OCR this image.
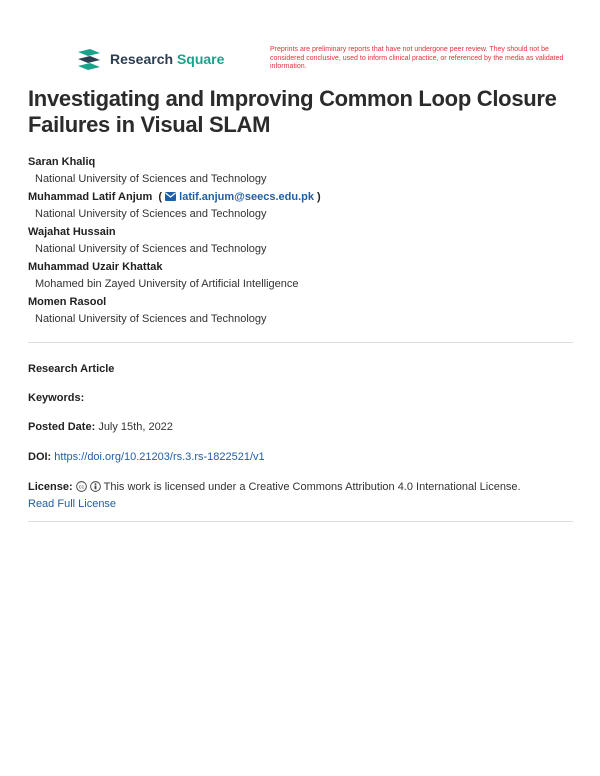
Research Square
Preprints are preliminary reports that have not undergone peer review. They should not be considered conclusive, used to inform clinical practice, or referenced by the media as validated information.
Investigating and Improving Common Loop Closure Failures in Visual SLAM
Saran Khaliq
National University of Sciences and Technology
Muhammad Latif Anjum  (  latif.anjum@seecs.edu.pk )
National University of Sciences and Technology
Wajahat Hussain
National University of Sciences and Technology
Muhammad Uzair Khattak
Mohamed bin Zayed University of Artificial Intelligence
Momen Rasool
National University of Sciences and Technology
Research Article
Keywords:
Posted Date: July 15th, 2022
DOI: https://doi.org/10.21203/rs.3.rs-1822521/v1
License: cc This work is licensed under a Creative Commons Attribution 4.0 International License.
Read Full License
